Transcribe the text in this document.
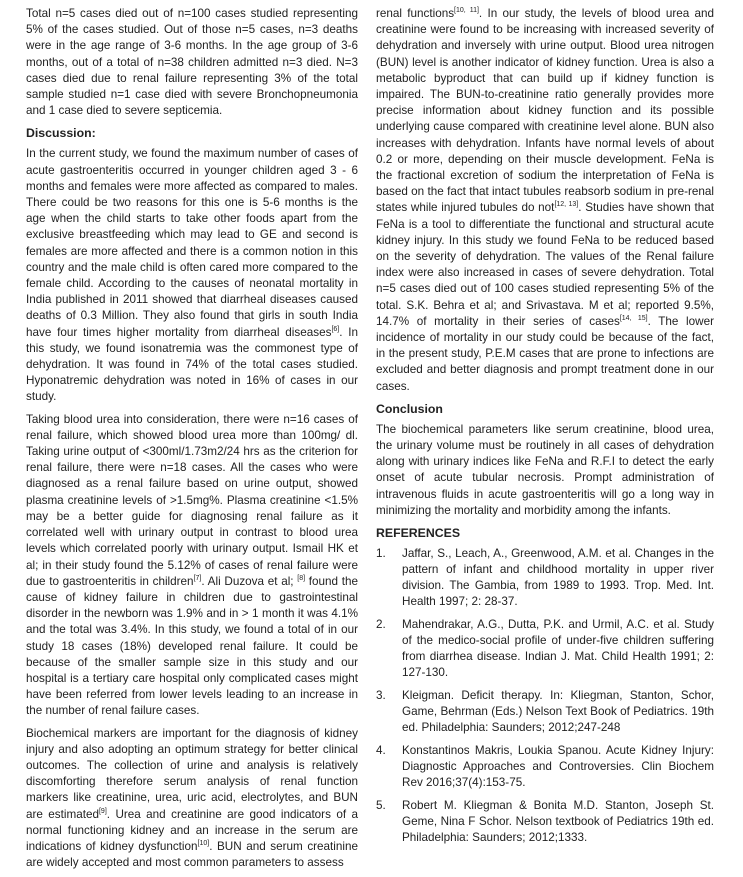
Total n=5 cases died out of n=100 cases studied representing 5% of the cases studied. Out of those n=5 cases, n=3 deaths were in the age range of 3-6 months. In the age group of 3-6 months, out of a total of n=38 children admitted n=3 died. N=3 cases died due to renal failure representing 3% of the total sample studied n=1 case died with severe Bronchopneumonia and 1 case died to severe septicemia.

Discussion:

In the current study, we found the maximum number of cases of acute gastroenteritis occurred in younger children aged 3 - 6 months and females were more affected as compared to males. There could be two reasons for this one is 5-6 months is the age when the child starts to take other foods apart from the exclusive breastfeeding which may lead to GE and second is females are more affected and there is a common notion in this country and the male child is often cared more compared to the female child. According to the causes of neonatal mortality in India published in 2011 showed that diarrheal diseases caused deaths of 0.3 Million. They also found that girls in south India have four times higher mortality from diarrheal diseases[6]. In this study, we found isonatremia was the commonest type of dehydration. It was found in 74% of the total cases studied. Hyponatremic dehydration was noted in 16% of cases in our study.

Taking blood urea into consideration, there were n=16 cases of renal failure, which showed blood urea more than 100mg/ dl. Taking urine output of <300ml/1.73m2/24 hrs as the criterion for renal failure, there were n=18 cases. All the cases who were diagnosed as a renal failure based on urine output, showed plasma creatinine levels of >1.5mg%. Plasma creatinine <1.5% may be a better guide for diagnosing renal failure as it correlated well with urinary output in contrast to blood urea levels which correlated poorly with urinary output. Ismail HK et al; in their study found the 5.12% of cases of renal failure were due to gastroenteritis in children[7]. Ali Duzova et al; [8] found the cause of kidney failure in children due to gastrointestinal disorder in the newborn was 1.9% and in > 1 month it was 4.1% and the total was 3.4%. In this study, we found a total of in our study 18 cases (18%) developed renal failure. It could be because of the smaller sample size in this study and our hospital is a tertiary care hospital only complicated cases might have been referred from lower levels leading to an increase in the number of renal failure cases.

Biochemical markers are important for the diagnosis of kidney injury and also adopting an optimum strategy for better clinical outcomes. The collection of urine and analysis is relatively discomforting therefore serum analysis of renal function markers like creatinine, urea, uric acid, electrolytes, and BUN are estimated[9]. Urea and creatinine are good indicators of a normal functioning kidney and an increase in the serum are indications of kidney dysfunction[10]. BUN and serum creatinine are widely accepted and most common parameters to assess

renal functions[10, 11]. In our study, the levels of blood urea and creatinine were found to be increasing with increased severity of dehydration and inversely with urine output. Blood urea nitrogen (BUN) level is another indicator of kidney function. Urea is also a metabolic byproduct that can build up if kidney function is impaired. The BUN-to-creatinine ratio generally provides more precise information about kidney function and its possible underlying cause compared with creatinine level alone. BUN also increases with dehydration. Infants have normal levels of about 0.2 or more, depending on their muscle development. FeNa is the fractional excretion of sodium the interpretation of FeNa is based on the fact that intact tubules reabsorb sodium in pre-renal states while injured tubules do not[12, 13]. Studies have shown that FeNa is a tool to differentiate the functional and structural acute kidney injury. In this study we found FeNa to be reduced based on the severity of dehydration. The values of the Renal failure index were also increased in cases of severe dehydration. Total n=5 cases died out of 100 cases studied representing 5% of the total. S.K. Behra et al; and Srivastava. M et al; reported 9.5%, 14.7% of mortality in their series of cases[14, 15]. The lower incidence of mortality in our study could be because of the fact, in the present study, P.E.M cases that are prone to infections are excluded and better diagnosis and prompt treatment done in our cases.

Conclusion

The biochemical parameters like serum creatinine, blood urea, the urinary volume must be routinely in all cases of dehydration along with urinary indices like FeNa and R.F.I to detect the early onset of acute tubular necrosis. Prompt administration of intravenous fluids in acute gastroenteritis will go a long way in minimizing the mortality and morbidity among the infants.

REFERENCES
1. Jaffar, S., Leach, A., Greenwood, A.M. et al. Changes in the pattern of infant and childhood mortality in upper river division. The Gambia, from 1989 to 1993. Trop. Med. Int. Health 1997; 2: 28-37.
2. Mahendrakar, A.G., Dutta, P.K. and Urmil, A.C. et al. Study of the medico-social profile of under-five children suffering from diarrhea disease. Indian J. Mat. Child Health 1991; 2: 127-130.
3. Kleigman. Deficit therapy. In: Kliegman, Stanton, Schor, Game, Behrman (Eds.) Nelson Text Book of Pediatrics. 19th ed. Philadelphia: Saunders; 2012;247-248
4. Konstantinos Makris, Loukia Spanou. Acute Kidney Injury: Diagnostic Approaches and Controversies. Clin Biochem Rev 2016;37(4):153-75.
5. Robert M. Kliegman & Bonita M.D. Stanton, Joseph St. Geme, Nina F Schor. Nelson textbook of Pediatrics 19th ed. Philadelphia: Saunders; 2012;1333.
